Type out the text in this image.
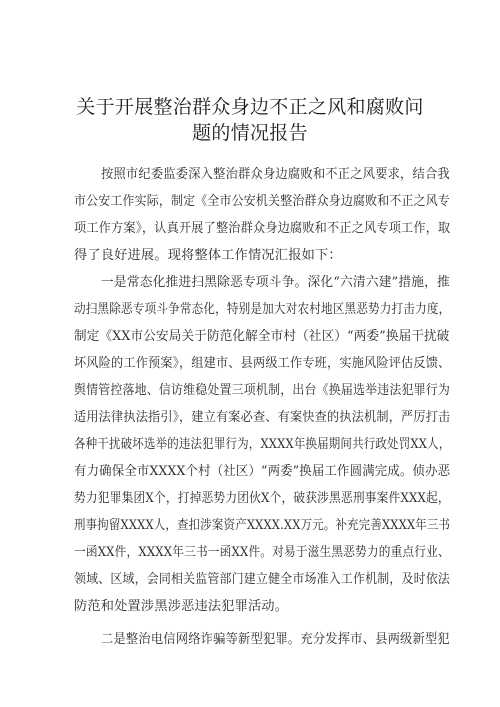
关于开展整治群众身边不正之风和腐败问
题的情况报告
按照市纪委监委深入整治群众身边腐败和不正之风要求，结合我
市公安工作实际，制定《全市公安机关整治群众身边腐败和不正之风专
项工作方案》，认真开展了整治群众身边腐败和不正之风专项工作，取
得了良好进展。现将整体工作情况汇报如下：
一是常态化推进扫黑除恶专项斗争。深化“六清六建”措施，推
动扫黑除恶专项斗争常态化，特别是加大对农村地区黑恶势力打击力度，
制定《XX市公安局关于防范化解全市村（社区）“两委”换届干扰破
坏风险的工作预案》，组建市、县两级工作专班，实施风险评估反馈、
舆情管控落地、信访维稳处置三项机制，出台《换届选举违法犯罪行为
适用法律执法指引》，建立有案必查、有案快查的执法机制，严厉打击
各种干扰破坏选举的违法犯罪行为，XXXX年换届期间共行政处罚XX人，
有力确保全市XXXX个村（社区）“两委”换届工作圆满完成。侦办恶
势力犯罪集团X个，打掉恶势力团伙X个，破获涉黑恶刑事案件XXX起，
刑事拘留XXXX人，查扣涉案资产XXXX.XX万元。补充完善XXXX年三书
一函XX件，XXXX年三书一函XX件。对易于滋生黑恶势力的重点行业、
领域、区域，会同相关监管部门建立健全市场准入工作机制，及时依法
防范和处置涉黑涉恶违法犯罪活动。
二是整治电信网络诈骗等新型犯罪。充分发挥市、县两级新型犯
